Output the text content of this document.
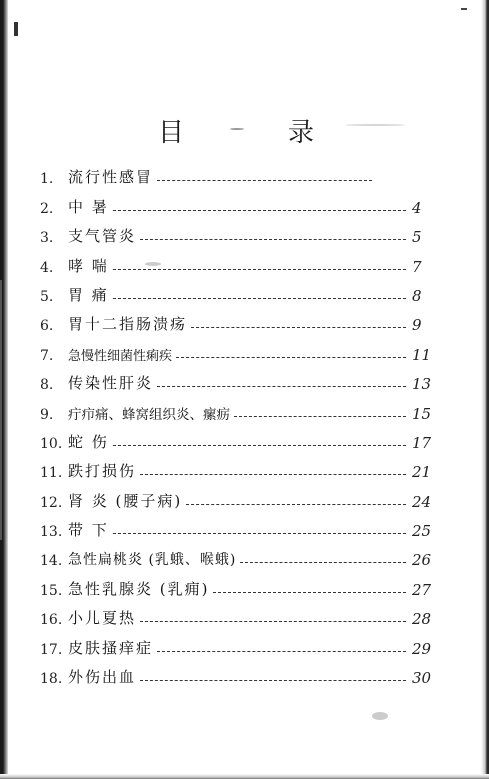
目	录
1. 流行性感冒
2. 中 暑	4
3. 支气管炎	5
4. 哮 喘	7
5. 胃 痛	8
6. 胃十二指肠溃疡	9
7.	急慢性细菌性痢疾	11
8. 传染性肝炎	13
9.	疔疖痛、蜂窝组织炎、瘰疬	15
10. 蛇 伤	17
11. 跌打损伤	21
12. 肾 炎 (腰子病)	24
13. 带 下	25
14. 急性扁桃炎 (乳蛾、喉蛾)	26
15. 急性乳腺炎 (乳痈)	27
16. 小儿夏热	28
17. 皮肤搔痒症	29
18. 外伤出血	30
